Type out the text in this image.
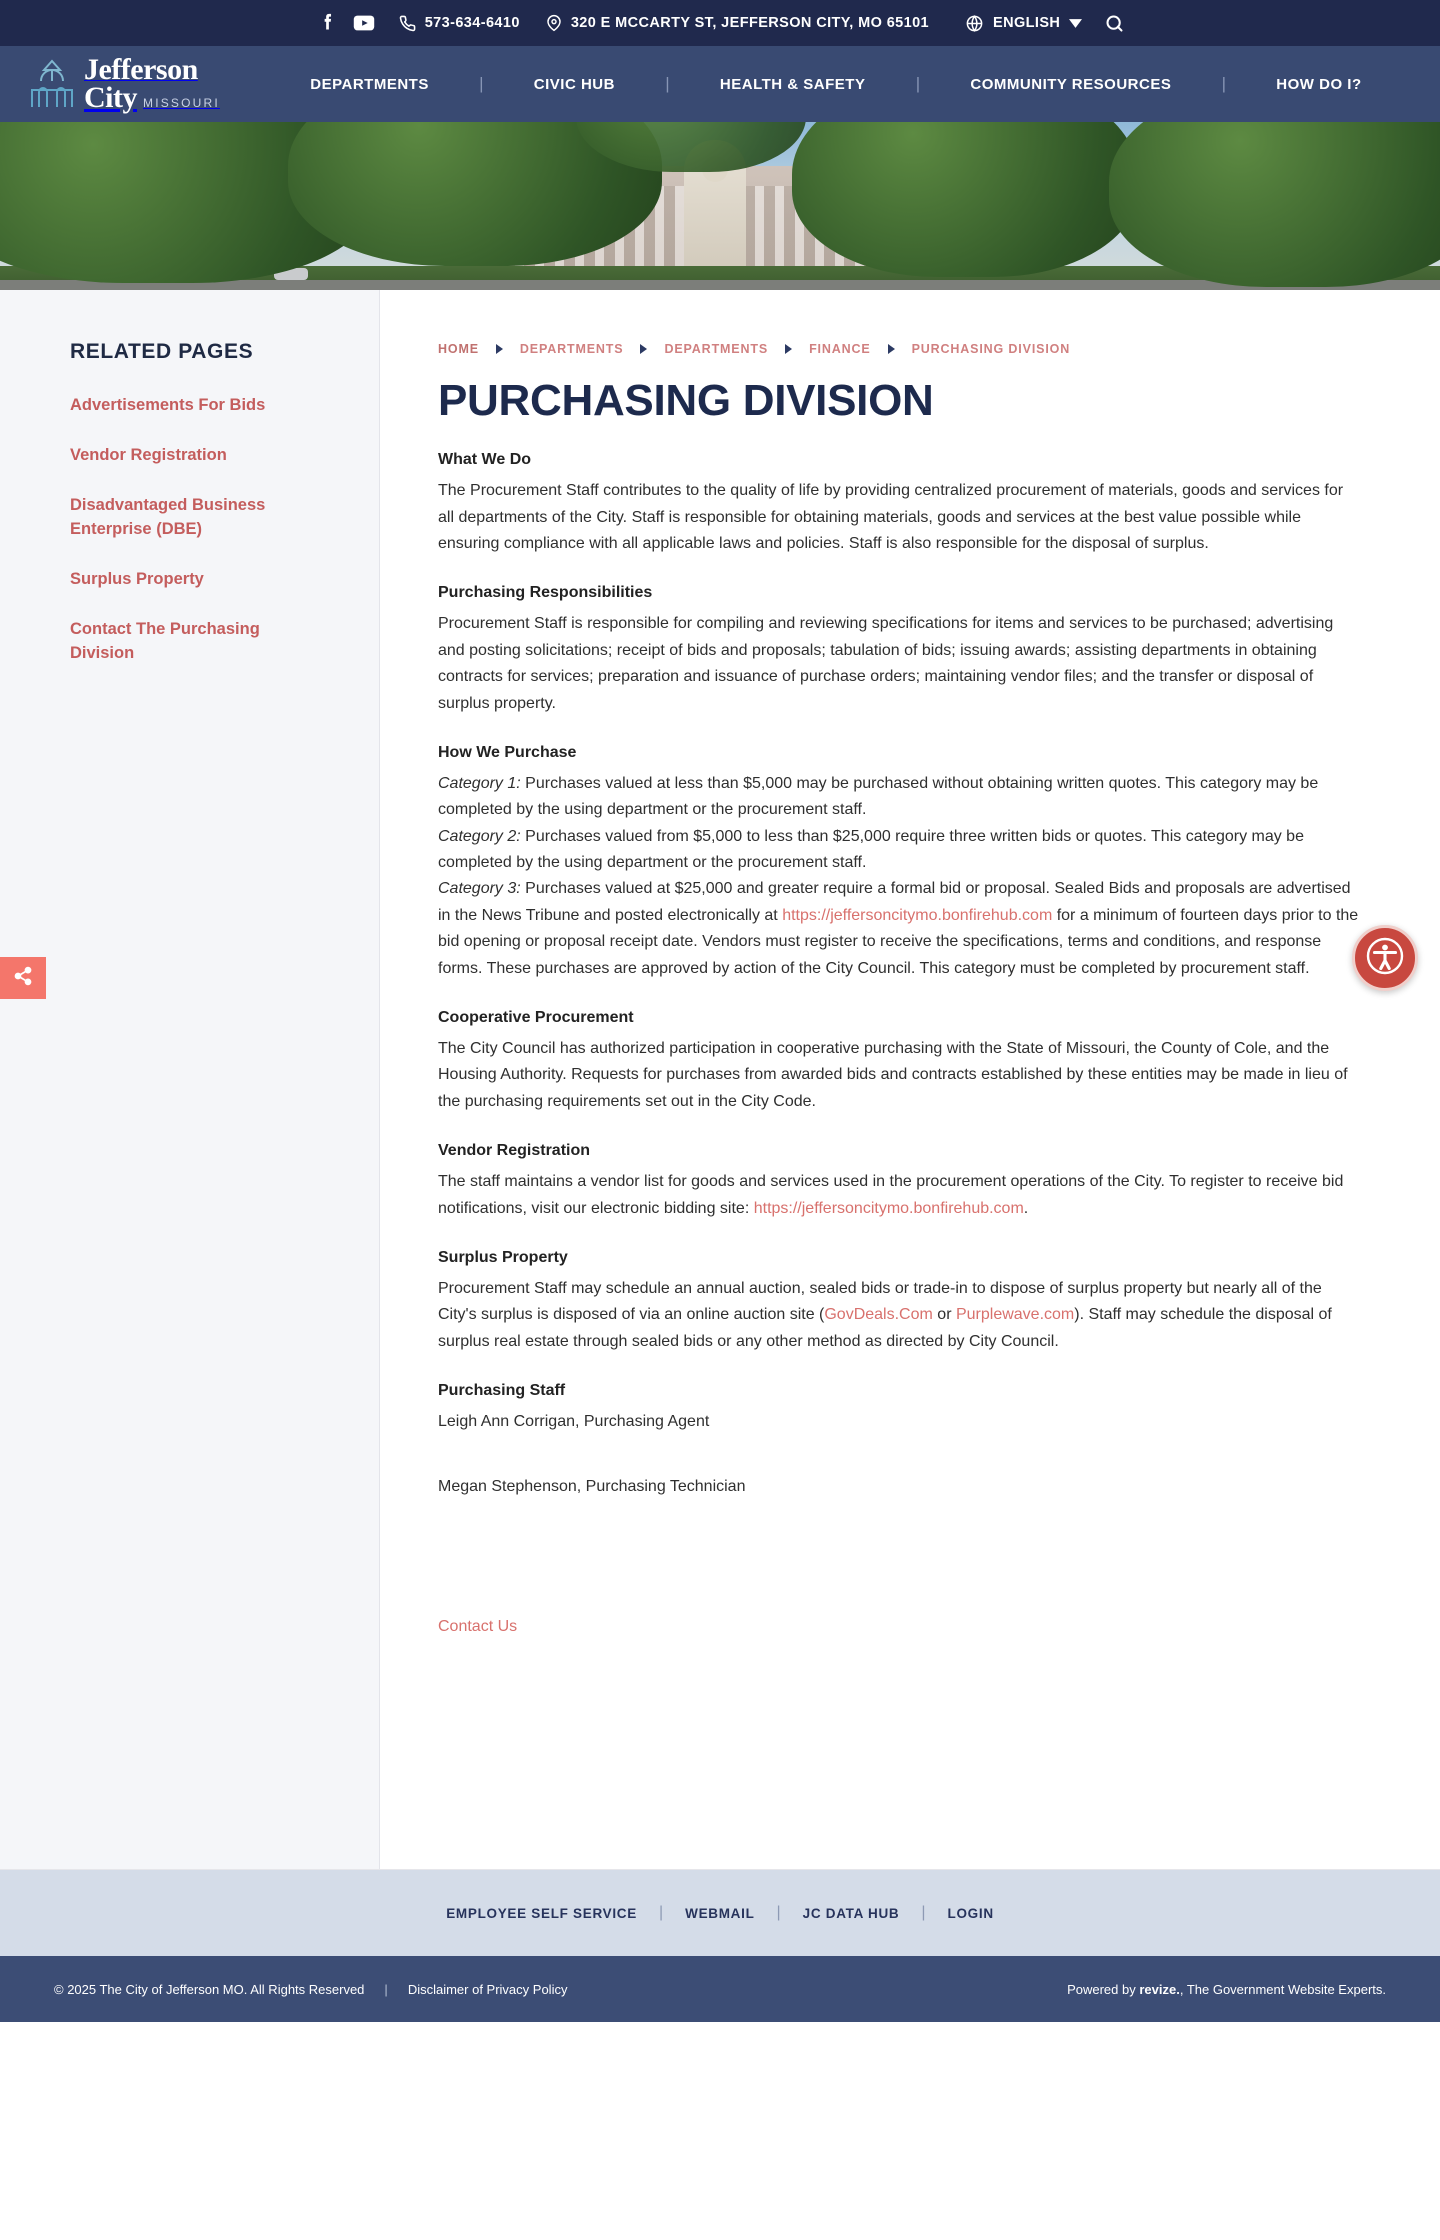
573-634-6410	320 E MCCARTY ST, JEFFERSON CITY, MO 65101	ENGLISH
Jefferson
City MISSOURI
DEPARTMENTS	|	CIVIC HUB	|	HEALTH & SAFETY	|	COMMUNITY RESOURCES	|	HOW DO I?
RELATED PAGES
Advertisements For Bids
Vendor Registration
Disadvantaged Business Enterprise (DBE)
Surplus Property
Contact The Purchasing Division
HOME	DEPARTMENTS	DEPARTMENTS	FINANCE	PURCHASING DIVISION
PURCHASING DIVISION
What We Do

The Procurement Staff contributes to the quality of life by providing centralized procurement of materials, goods and services for all departments of the City. Staff is responsible for obtaining materials, goods and services at the best value possible while ensuring compliance with all applicable laws and policies. Staff is also responsible for the disposal of surplus.

Purchasing Responsibilities

Procurement Staff is responsible for compiling and reviewing specifications for items and services to be purchased; advertising and posting solicitations; receipt of bids and proposals; tabulation of bids; issuing awards; assisting departments in obtaining contracts for services; preparation and issuance of purchase orders; maintaining vendor files; and the transfer or disposal of surplus property.

How We Purchase

Category 1: Purchases valued at less than $5,000 may be purchased without obtaining written quotes. This category may be completed by the using department or the procurement staff.

Category 2: Purchases valued from $5,000 to less than $25,000 require three written bids or quotes. This category may be completed by the using department or the procurement staff.

Category 3: Purchases valued at $25,000 and greater require a formal bid or proposal. Sealed Bids and proposals are advertised in the News Tribune and posted electronically at https://jeffersoncitymo.bonfirehub.com for a minimum of fourteen days prior to the bid opening or proposal receipt date. Vendors must register to receive the specifications, terms and conditions, and response forms. These purchases are approved by action of the City Council. This category must be completed by procurement staff.

Cooperative Procurement

The City Council has authorized participation in cooperative purchasing with the State of Missouri, the County of Cole, and the Housing Authority. Requests for purchases from awarded bids and contracts established by these entities may be made in lieu of the purchasing requirements set out in the City Code.

Vendor Registration

The staff maintains a vendor list for goods and services used in the procurement operations of the City. To register to receive bid notifications, visit our electronic bidding site: https://jeffersoncitymo.bonfirehub.com.

Surplus Property

Procurement Staff may schedule an annual auction, sealed bids or trade-in to dispose of surplus property but nearly all of the City's surplus is disposed of via an online auction site (GovDeals.Com or Purplewave.com). Staff may schedule the disposal of surplus real estate through sealed bids or any other method as directed by City Council.

Purchasing Staff
Leigh Ann Corrigan, Purchasing Agent
Megan Stephenson, Purchasing Technician
Contact Us
EMPLOYEE SELF SERVICE | WEBMAIL | JC DATA HUB | LOGIN
© 2025 The City of Jefferson MO. All Rights Reserved | Disclaimer of Privacy Policy	Powered by revize., The Government Website Experts.
